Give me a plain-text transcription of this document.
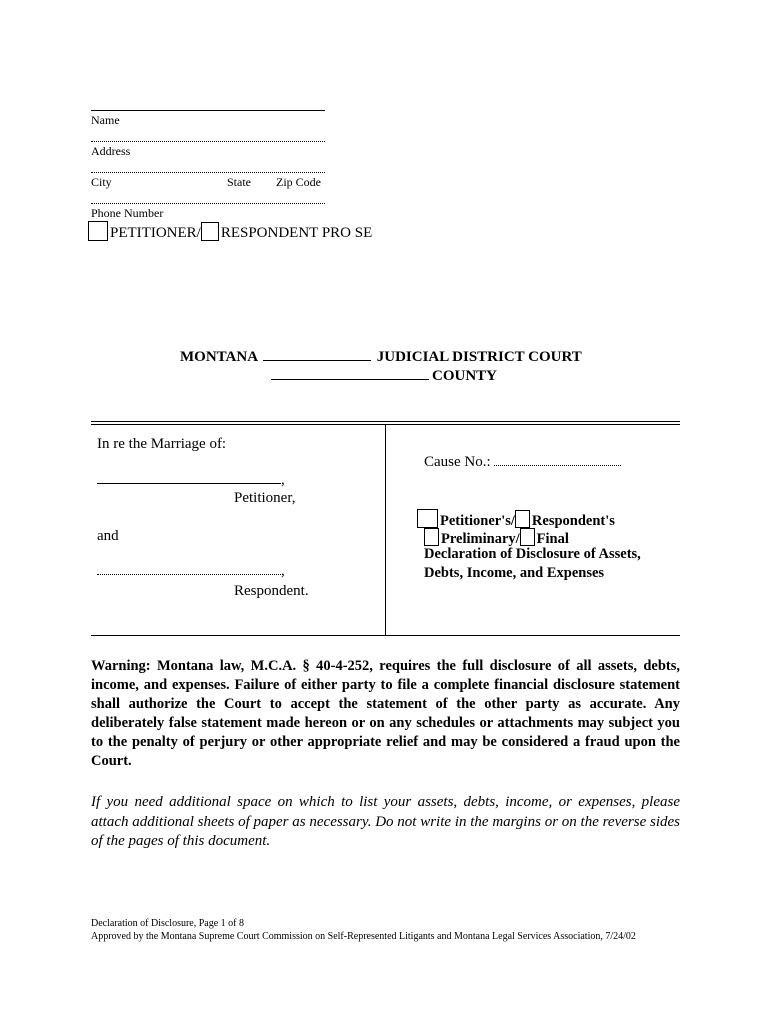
Name
Address
City	State Zip Code
Phone Number
PETITIONER/ RESPONDENT PRO SE
MONTANA	JUDICIAL DISTRICT COURT
COUNTY
In re the Marriage of:
,
Petitioner,
and
,
Respondent.
Cause No.:
Petitioner's/ Respondent's
Preliminary/ Final
Declaration of Disclosure of Assets,
Debts, Income, and Expenses
Warning: Montana law, M.C.A. § 40-4-252, requires the full disclosure of all assets, debts, income, and expenses. Failure of either party to file a complete financial disclosure statement shall authorize the Court to accept the statement of the other party as accurate. Any deliberately false statement made hereon or on any schedules or attachments may subject you to the penalty of perjury or other appropriate relief and may be considered a fraud upon the Court.
If you need additional space on which to list your assets, debts, income, or expenses, please attach additional sheets of paper as necessary. Do not write in the margins or on the reverse sides of the pages of this document.
Declaration of Disclosure, Page 1 of 8
Approved by the Montana Supreme Court Commission on Self-Represented Litigants and Montana Legal Services Association, 7/24/02
